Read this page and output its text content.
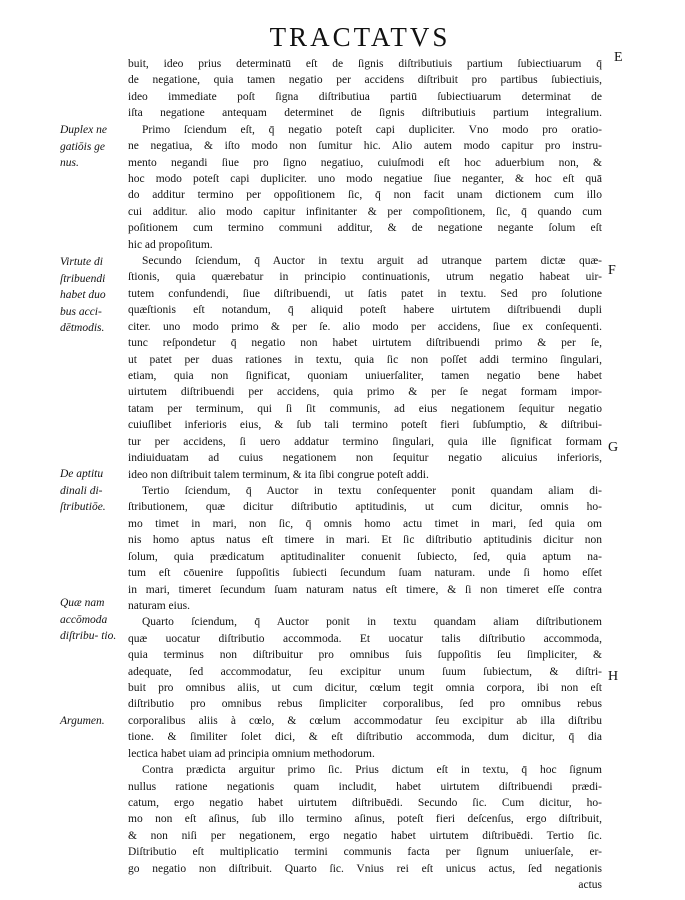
TRACTATVS
E
F
G
H
Duplex ne gatiōis ge nus.
Virtute di ſtribuendi habet duo bus acci- dētmodis.
De aptitu dinali di- ſtributiōe.
Quæ nam accōmoda diſtribu- tio.
Argumen.

buit, ideo prius determinatū eſt de ſignis diſtributiuis partium ſubiectiuarum q̄
de negatione, quia tamen negatio per accidens diſtribuit pro partibus ſubiectiuis,
ideo immediate poſt ſigna diſtributiua partiū ſubiectiuarum determinat de
iſta negatione antequam determinet de ſignis diſtributiuis partium integralium.

Primo ſciendum eſt, q̄ negatio poteſt capi dupliciter. Vno modo pro oratio-
ne negatiua, & iſto modo non ſumitur hic. Alio autem modo capitur pro instru-
mento negandi ſiue pro ſigno negatiuo, cuiuſmodi eſt hoc aduerbium non, &
hoc modo poteſt capi dupliciter. uno modo negatiue ſiue neganter, & hoc eſt quā
do additur termino per oppoſitionem ſic, q̄ non facit unam dictionem cum illo
cui additur. alio modo capitur infinitanter & per compoſitionem, ſic, q̄ quando cum
poſitionem cum termino communi additur, & de negatione negante ſolum eſt
hic ad propoſitum.

Secundo ſciendum, q̄ Auctor in textu arguit ad utranque partem dictæ quæ-
ſtionis, quia quærebatur in principio continuationis, utrum negatio habeat uir-
tutem confundendi, ſiue diſtribuendi, ut ſatis patet in textu. Sed pro ſolutione
quæſtionis eſt notandum, q̄ aliquid poteſt habere uirtutem diſtribuendi dupli
citer. uno modo primo & per ſe. alio modo per accidens, ſiue ex conſequenti.
tunc reſpondetur q̄ negatio non habet uirtutem diſtribuendi primo & per ſe,
ut patet per duas rationes in textu, quia ſic non poſſet addi termino ſingulari,
etiam, quia non ſignificat, quoniam uniuerſaliter, tamen negatio bene habet
uirtutem diſtribuendi per accidens, quia primo & per ſe negat formam impor-
tatam per terminum, qui ſi ſit communis, ad eius negationem ſequitur negatio
cuiuſlibet inferioris eius, & ſub tali termino poteſt fieri ſubſumptio, & diſtribui-
tur per accidens, ſi uero addatur termino ſingulari, quia ille ſignificat formam
indiuiduatam ad cuius negationem non ſequitur negatio alicuius inferioris,
ideo non diſtribuit talem terminum, & ita ſibi congrue poteſt addi.

Tertio ſciendum, q̄ Auctor in textu conſequenter ponit quandam aliam di-
ſtributionem, quæ dicitur diſtributio aptitudinis, ut cum dicitur, omnis ho-
mo timet in mari, non ſic, q̄ omnis homo actu timet in mari, ſed quia om
nis homo aptus natus eſt timere in mari. Et ſic diſtributio aptitudinis dicitur non
ſolum, quia prædicatum aptitudinaliter conuenit ſubiecto, ſed, quia aptum na-
tum eſt cōuenire ſuppoſitis ſubiecti ſecundum ſuam naturam. unde ſi homo eſſet
in mari, timeret ſecundum ſuam naturam natus eſt timere, & ſi non timeret eſſe contra
naturam eius.

Quarto ſciendum, q̄ Auctor ponit in textu quandam aliam diſtributionem
quæ uocatur diſtributio accommoda. Et uocatur talis diſtributio accommoda,
quia terminus non diſtribuitur pro omnibus ſuis ſuppoſitis ſeu ſimpliciter, &
adequate, ſed accommodatur, ſeu excipitur unum ſuum ſubiectum, & diſtri-
buit pro omnibus aliis, ut cum dicitur, cœlum tegit omnia corpora, ibi non eſt
diſtributio pro omnibus rebus ſimpliciter corporalibus, ſed pro omnibus rebus
corporalibus aliis à cœlo, & cœlum accommodatur ſeu excipitur ab illa diſtribu
tione. & ſimiliter ſolet dici, & eſt diſtributio accommoda, dum dicitur, q̄ dia
lectica habet uiam ad principia omnium methodorum.

Contra prædicta arguitur primo ſic. Prius dictum eſt in textu, q̄ hoc ſignum
nullus ratione negationis quam includit, habet uirtutem diſtribuendi prædi-
catum, ergo negatio habet uirtutem diſtribuēdi. Secundo ſic. Cum dicitur, ho-
mo non eſt aſinus, ſub illo termino aſinus, poteſt fieri deſcenſus, ergo diſtribuit,
& non niſi per negationem, ergo negatio habet uirtutem diſtribuēdi. Tertio ſic.
Diſtributio eſt multiplicatio termini communis facta per ſignum uniuerſale, er-
go negatio non diſtribuit. Quarto ſic. Vnius rei eſt unicus actus, ſed negationis

actus
